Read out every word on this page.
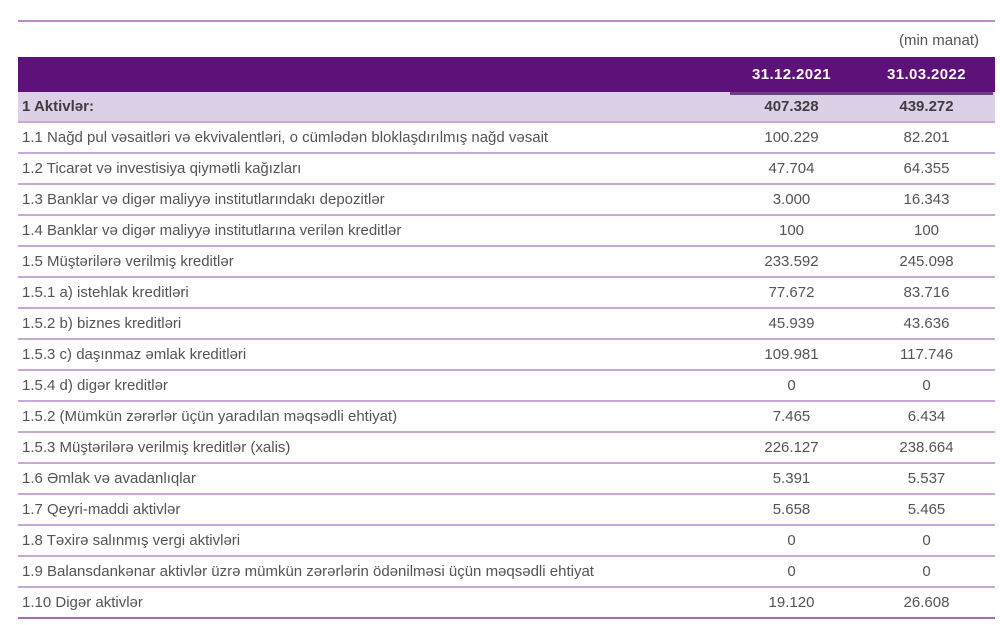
(min manat)
31.12.2021	31.03.2022
1 Aktivlər:	407.328	439.272
1.1 Nağd pul vəsaitləri və ekvivalentləri, o cümlədən bloklaşdırılmış nağd vəsait	100.229	82.201
1.2 Ticarət və investisiya qiymətli kağızları	47.704	64.355
1.3 Banklar və digər maliyyə institutlarındakı depozitlər	3.000	16.343
1.4 Banklar və digər maliyyə institutlarına verilən kreditlər	100	100
1.5 Müştərilərə verilmiş kreditlər	233.592	245.098
1.5.1 a) istehlak kreditləri	77.672	83.716
1.5.2 b) biznes kreditləri	45.939	43.636
1.5.3 c) daşınmaz əmlak kreditləri	109.981	117.746
1.5.4 d) digər kreditlər	0	0
1.5.2 (Mümkün zərərlər üçün yaradılan məqsədli ehtiyat)	7.465	6.434
1.5.3 Müştərilərə verilmiş kreditlər (xalis)	226.127	238.664
1.6 Əmlak və avadanlıqlar	5.391	5.537
1.7 Qeyri-maddi aktivlər	5.658	5.465
1.8 Təxirə salınmış vergi aktivləri	0	0
1.9 Balansdankənar aktivlər üzrə mümkün zərərlərin ödənilməsi üçün məqsədli ehtiyat	0	0
1.10 Digər aktivlər	19.120	26.608
